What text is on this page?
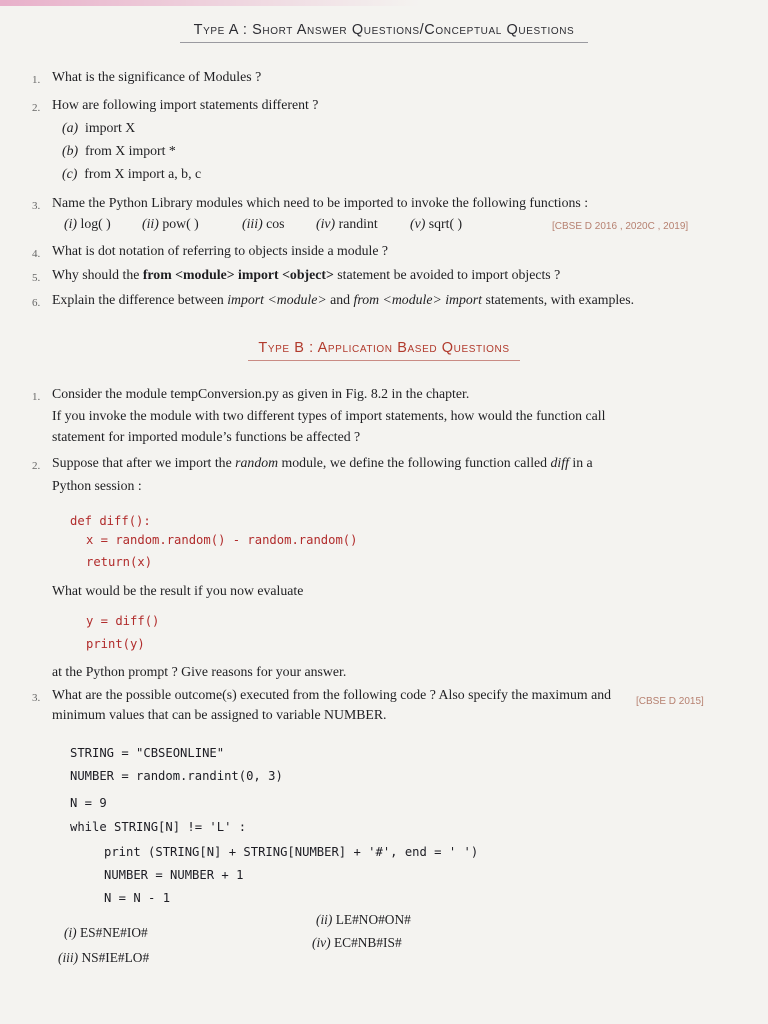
Type A : Short Answer Questions/Conceptual Questions
1. What is the significance of Modules ?
2. How are following import statements different ?
(a) import X
(b) from X import *
(c) from X import a, b, c
3. Name the Python Library modules which need to be imported to invoke the following functions :
(i) log( ) (ii) pow( )	(iii) cos (iv) randint (v) sqrt( )	[CBSE D 2016 , 2020C , 2019]
4. What is dot notation of referring to objects inside a module ?
5. Why should the from <module> import <object> statement be avoided to import objects ?
6. Explain the difference between import <module> and from <module> import statements, with examples.
Type B : Application Based Questions
1. Consider the module tempConversion.py as given in Fig. 8.2 in the chapter.
If you invoke the module with two different types of import statements, how would the function call
statement for imported module’s functions be affected ?
2. Suppose that after we import the random module, we define the following function called diff in a
Python session :
def diff():
x = random.random() - random.random()
return(x)
What would be the result if you now evaluate
y = diff()
print(y)
at the Python prompt ? Give reasons for your answer.
3. What are the possible outcome(s) executed from the following code ? Also specify the maximum and
minimum values that can be assigned to variable NUMBER.
[CBSE D 2015]
STRING = "CBSEONLINE"
NUMBER = random.randint(0, 3)
N = 9
while STRING[N] != 'L' :
print (STRING[N] + STRING[NUMBER] + '#', end = ' ')
NUMBER = NUMBER + 1
N = N - 1
(i) ES#NE#IO#
(ii) LE#NO#ON#
(iii) NS#IE#LO#
(iv) EC#NB#IS#
